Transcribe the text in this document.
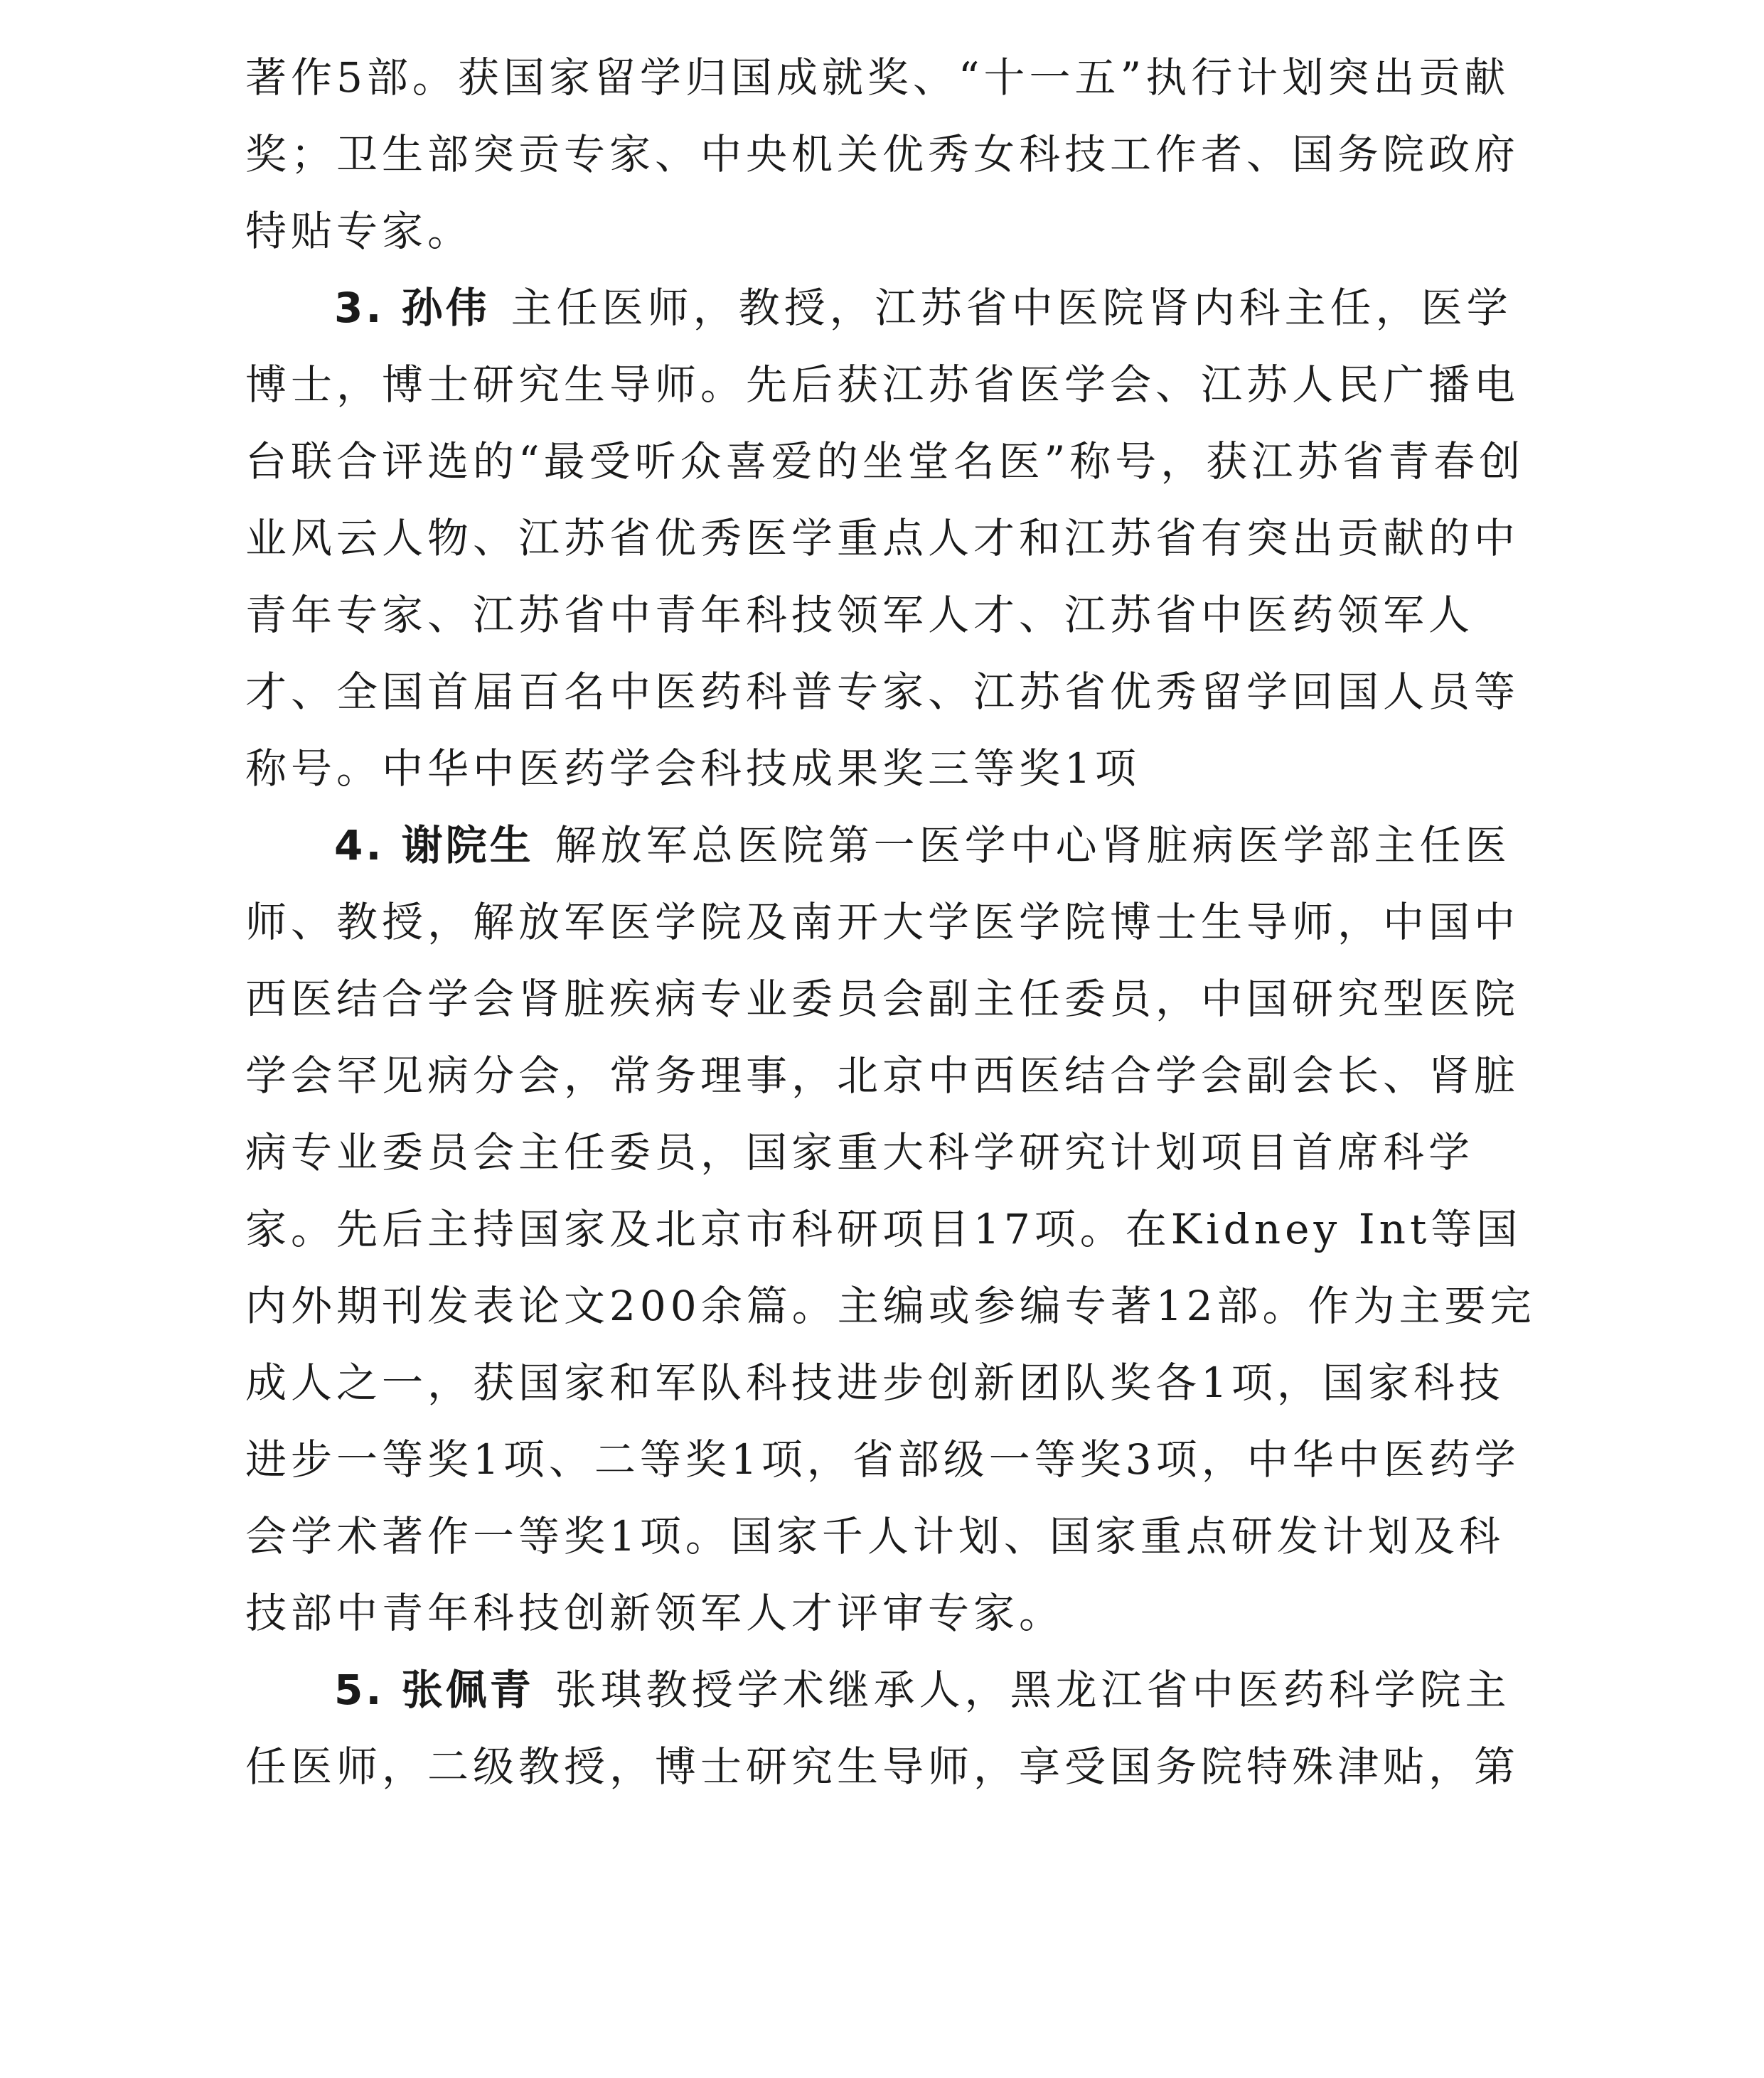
著作5部。获国家留学归国成就奖、“十一五”执行计划突出贡献奖；卫生部突贡专家、中央机关优秀女科技工作者、国务院政府特贴专家。

3. 孙伟 主任医师，教授，江苏省中医院肾内科主任，医学博士，博士研究生导师。先后获江苏省医学会、江苏人民广播电台联合评选的“最受听众喜爱的坐堂名医”称号，获江苏省青春创业风云人物、江苏省优秀医学重点人才和江苏省有突出贡献的中青年专家、江苏省中青年科技领军人才、江苏省中医药领军人才、全国首届百名中医药科普专家、江苏省优秀留学回国人员等称号。中华中医药学会科技成果奖三等奖1项

4. 谢院生 解放军总医院第一医学中心肾脏病医学部主任医师、教授，解放军医学院及南开大学医学院博士生导师，中国中西医结合学会肾脏疾病专业委员会副主任委员，中国研究型医院学会罕见病分会，常务理事，北京中西医结合学会副会长、肾脏病专业委员会主任委员，国家重大科学研究计划项目首席科学家。先后主持国家及北京市科研项目17项。在Kidney Int等国内外期刊发表论文200余篇。主编或参编专著12部。作为主要完成人之一，获国家和军队科技进步创新团队奖各1项，国家科技进步一等奖1项、二等奖1项，省部级一等奖3项，中华中医药学会学术著作一等奖1项。国家千人计划、国家重点研发计划及科技部中青年科技创新领军人才评审专家。

5. 张佩青 张琪教授学术继承人，黑龙江省中医药科学院主任医师，二级教授，博士研究生导师，享受国务院特殊津贴，第
